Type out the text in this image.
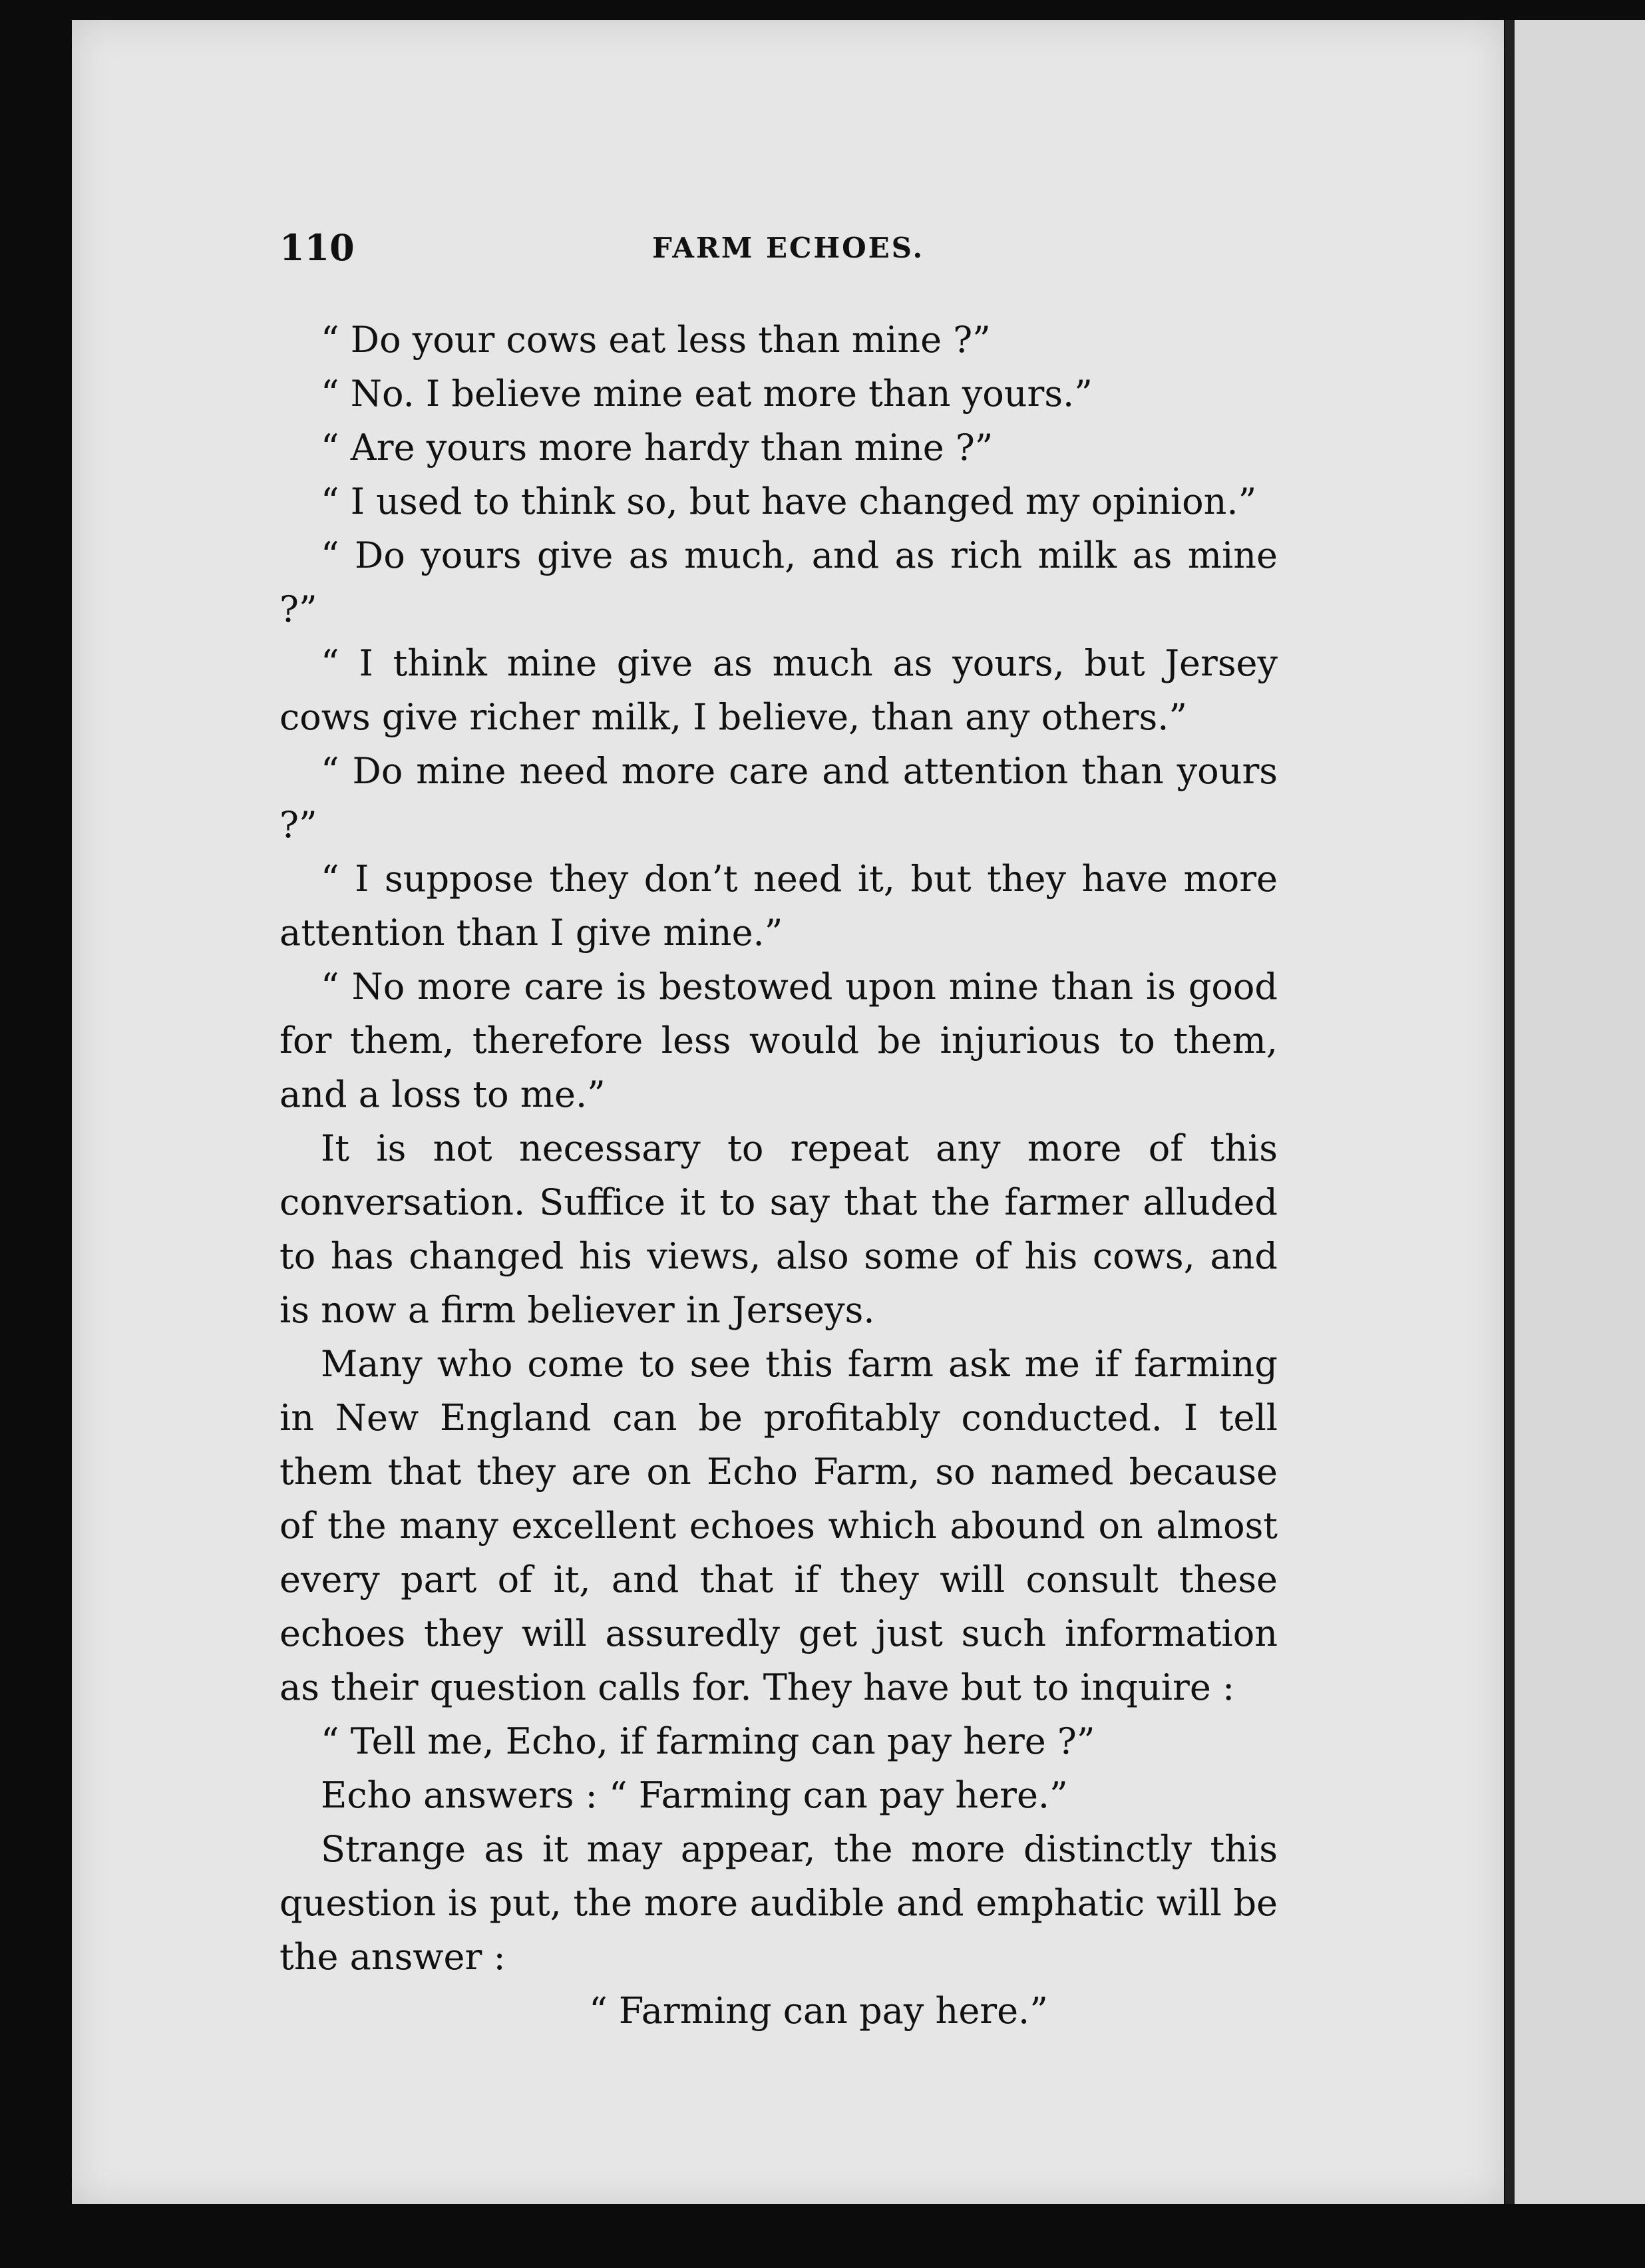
110	FARM ECHOES.

“ Do your cows eat less than mine ?”

“ No. I believe mine eat more than yours.”

“ Are yours more hardy than mine ?”

“ I used to think so, but have changed my opinion.”

“ Do yours give as much, and as rich milk as mine ?”

“ I think mine give as much as yours, but Jersey cows give richer milk, I believe, than any others.”

“ Do mine need more care and attention than yours ?”

“ I suppose they don’t need it, but they have more attention than I give mine.”

“ No more care is bestowed upon mine than is good for them, therefore less would be injurious to them, and a loss to me.”

It is not necessary to repeat any more of this conversation. Suffice it to say that the farmer alluded to has changed his views, also some of his cows, and is now a firm believer in Jerseys.

Many who come to see this farm ask me if farming in New England can be profitably conducted. I tell them that they are on Echo Farm, so named because of the many excellent echoes which abound on almost every part of it, and that if they will consult these echoes they will assuredly get just such information as their question calls for. They have but to inquire :

“ Tell me, Echo, if farming can pay here ?”

Echo answers : “ Farming can pay here.”

Strange as it may appear, the more distinctly this question is put, the more audible and emphatic will be the answer :

“ Farming can pay here.”
